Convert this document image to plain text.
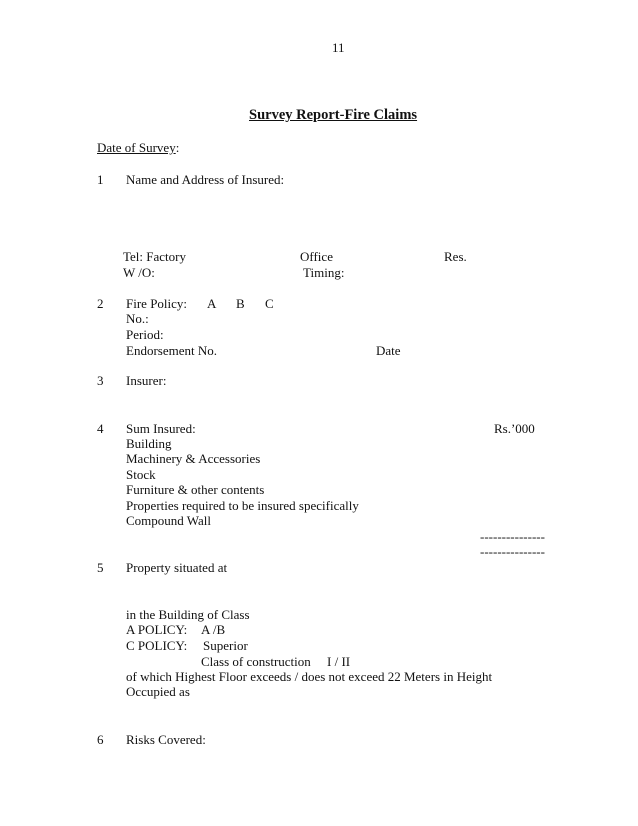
11
Survey Report-Fire Claims
Date of Survey:
1 Name and Address of Insured:
Tel: Factory	Office	Res.
W /O:	Timing:
2 Fire Policy: A B C
No.:
Period:
Endorsement No.	Date
3 Insurer:
4 Sum Insured:	Rs.’000
Building
Machinery & Accessories
Stock
Furniture & other contents
Properties required to be insured specifically
Compound Wall
---------------
---------------
5 Property situated at
in the Building of Class
A POLICY: A /B
C POLICY: Superior
Class of construction I / II
of which Highest Floor exceeds / does not exceed 22 Meters in Height
Occupied as
6 Risks Covered:
